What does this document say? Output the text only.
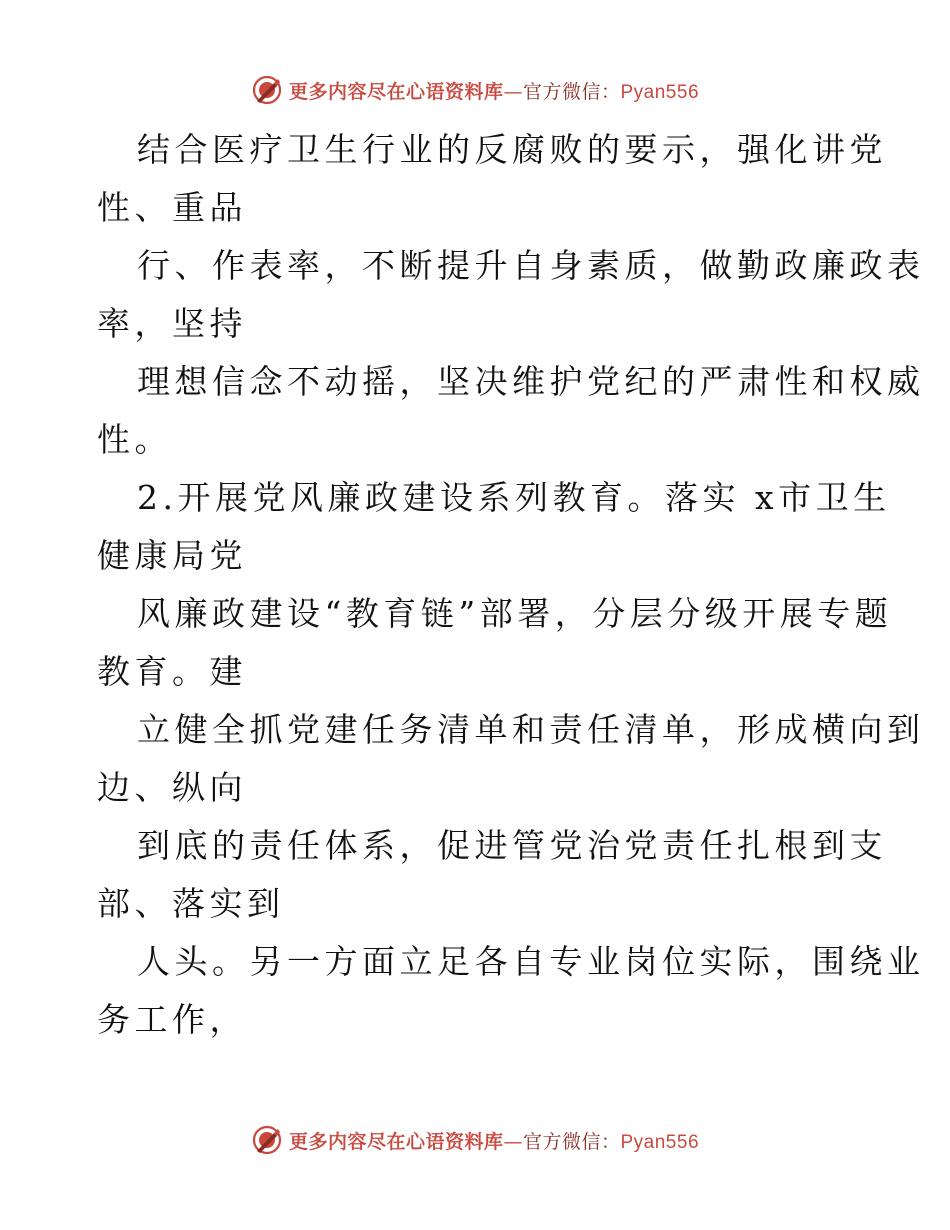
更多内容尽在心语资料库—官方微信：Pyan556
结合医疗卫生行业的反腐败的要示，强化讲党
性、重品
行、作表率，不断提升自身素质，做勤政廉政表
率，坚持
理想信念不动摇，坚决维护党纪的严肃性和权威
性。
2.开展党风廉政建设系列教育。落实 x市卫生
健康局党
风廉政建设“教育链”部署，分层分级开展专题
教育。建
立健全抓党建任务清单和责任清单，形成横向到
边、纵向
到底的责任体系，促进管党治党责任扎根到支
部、落实到
人头。另一方面立足各自专业岗位实际，围绕业
务工作，
更多内容尽在心语资料库—官方微信：Pyan556
